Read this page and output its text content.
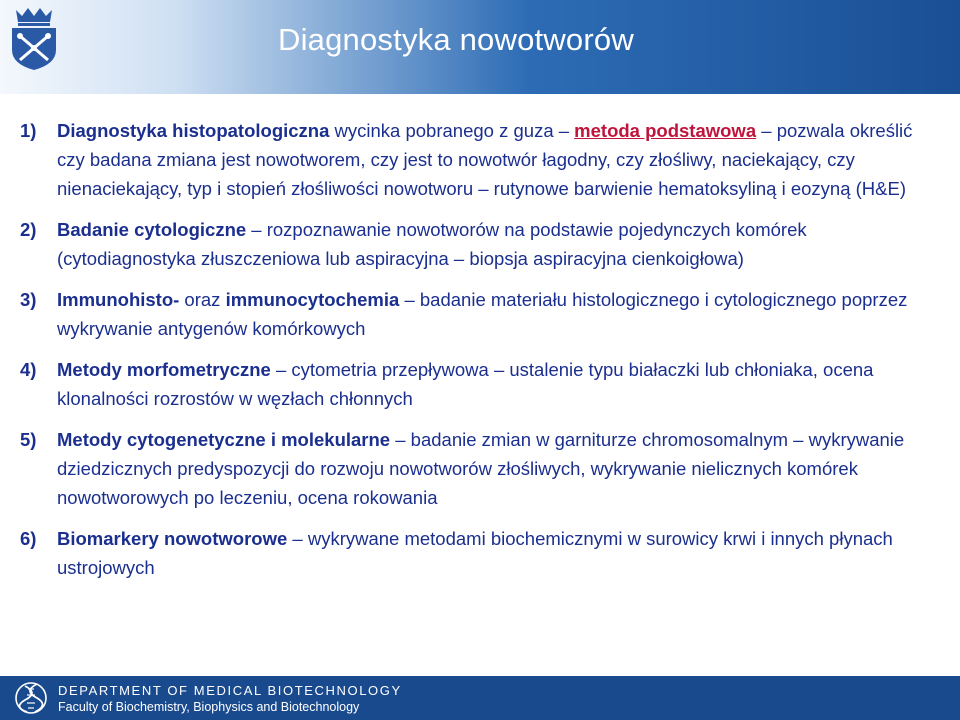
Diagnostyka nowotworów
1) Diagnostyka histopatologiczna wycinka pobranego z guza – metoda podstawowa – pozwala określić czy badana zmiana jest nowotworem, czy jest to nowotwór łagodny, czy złośliwy, naciekający, czy nienaciekający, typ i stopień złośliwości nowotworu – rutynowe barwienie hematoksyliną i eozyną (H&E)
2) Badanie cytologiczne – rozpoznawanie nowotworów na podstawie pojedynczych komórek (cytodiagnostyka złuszczeniowa lub aspiracyjna – biopsja aspiracyjna cienkoigłowa)
3) Immunohisto- oraz immunocytochemia – badanie materiału histologicznego i cytologicznego poprzez wykrywanie antygenów komórkowych
4) Metody morfometryczne – cytometria przepływowa – ustalenie typu białaczki lub chłoniaka, ocena klonalności rozrostów w węzłach chłonnych
5) Metody cytogenetyczne i molekularne – badanie zmian w garniturze chromosomalnym – wykrywanie dziedzicznych predyspozycji do rozwoju nowotworów złośliwych, wykrywanie nielicznych komórek nowotworowych po leczeniu, ocena rokowania
6) Biomarkery nowotworowe – wykrywane metodami biochemicznymi w surowicy krwi i innych płynach ustrojowych
DEPARTMENT OF MEDICAL BIOTECHNOLOGY
Faculty of Biochemistry, Biophysics and Biotechnology
